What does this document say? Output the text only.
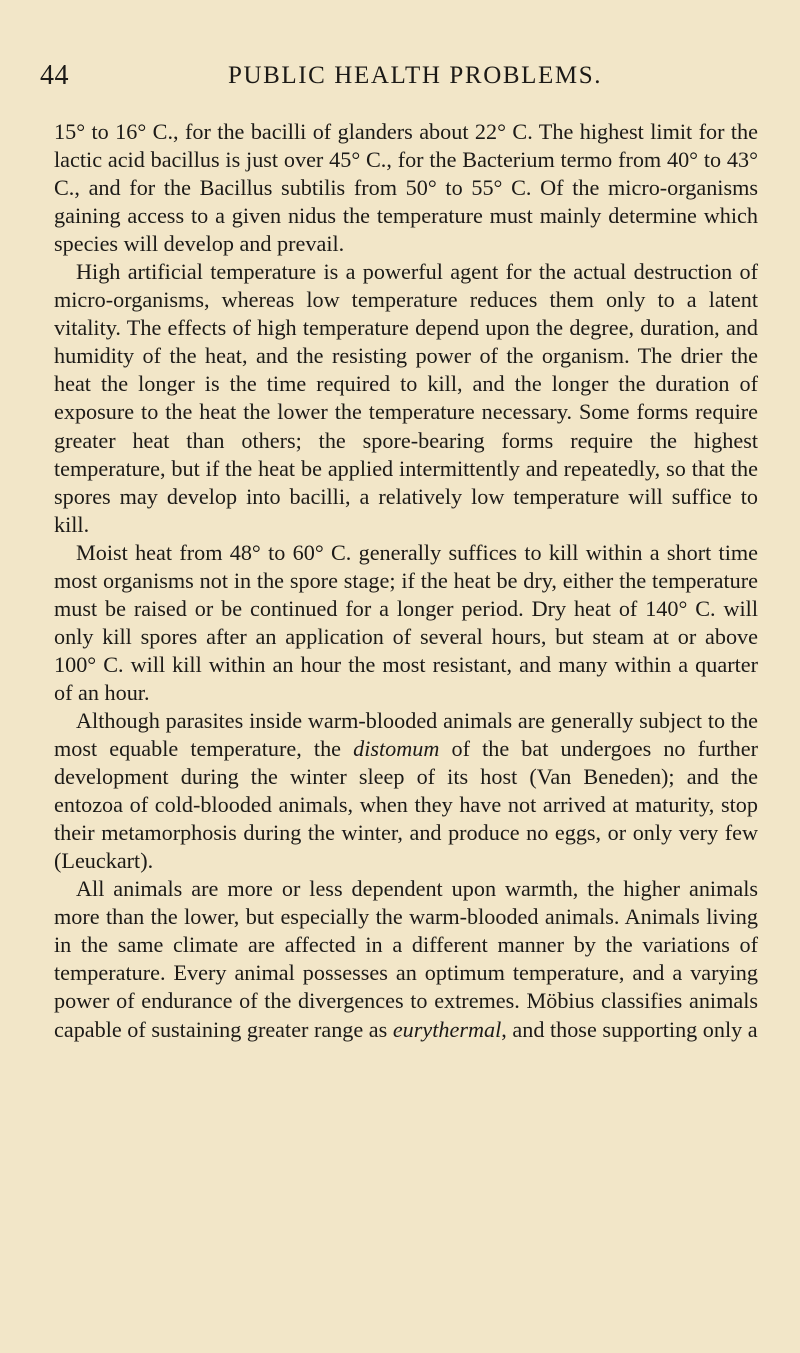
44	PUBLIC HEALTH PROBLEMS.

15° to 16° C., for the bacilli of glanders about 22° C. The highest limit for the lactic acid bacillus is just over 45° C., for the Bacterium termo from 40° to 43° C., and for the Bacillus subtilis from 50° to 55° C. Of the micro-organisms gaining access to a given nidus the temperature must mainly determine which species will develop and prevail.

High artificial temperature is a powerful agent for the actual destruction of micro-organisms, whereas low temperature reduces them only to a latent vitality. The effects of high temperature depend upon the degree, duration, and humidity of the heat, and the resisting power of the organism. The drier the heat the longer is the time required to kill, and the longer the duration of exposure to the heat the lower the temperature necessary. Some forms require greater heat than others; the spore-bearing forms require the highest temperature, but if the heat be applied intermittently and repeatedly, so that the spores may develop into bacilli, a relatively low temperature will suffice to kill.

Moist heat from 48° to 60° C. generally suffices to kill within a short time most organisms not in the spore stage; if the heat be dry, either the temperature must be raised or be continued for a longer period. Dry heat of 140° C. will only kill spores after an application of several hours, but steam at or above 100° C. will kill within an hour the most resistant, and many within a quarter of an hour.

Although parasites inside warm-blooded animals are generally subject to the most equable temperature, the distomum of the bat undergoes no further development during the winter sleep of its host (Van Beneden); and the entozoa of cold-blooded animals, when they have not arrived at maturity, stop their metamorphosis during the winter, and produce no eggs, or only very few (Leuckart).

All animals are more or less dependent upon warmth, the higher animals more than the lower, but especially the warm-blooded animals. Animals living in the same climate are affected in a different manner by the variations of temperature. Every animal possesses an optimum temperature, and a varying power of endurance of the divergences to extremes. Möbius classifies animals capable of sustaining greater range as eurythermal, and those supporting only a
